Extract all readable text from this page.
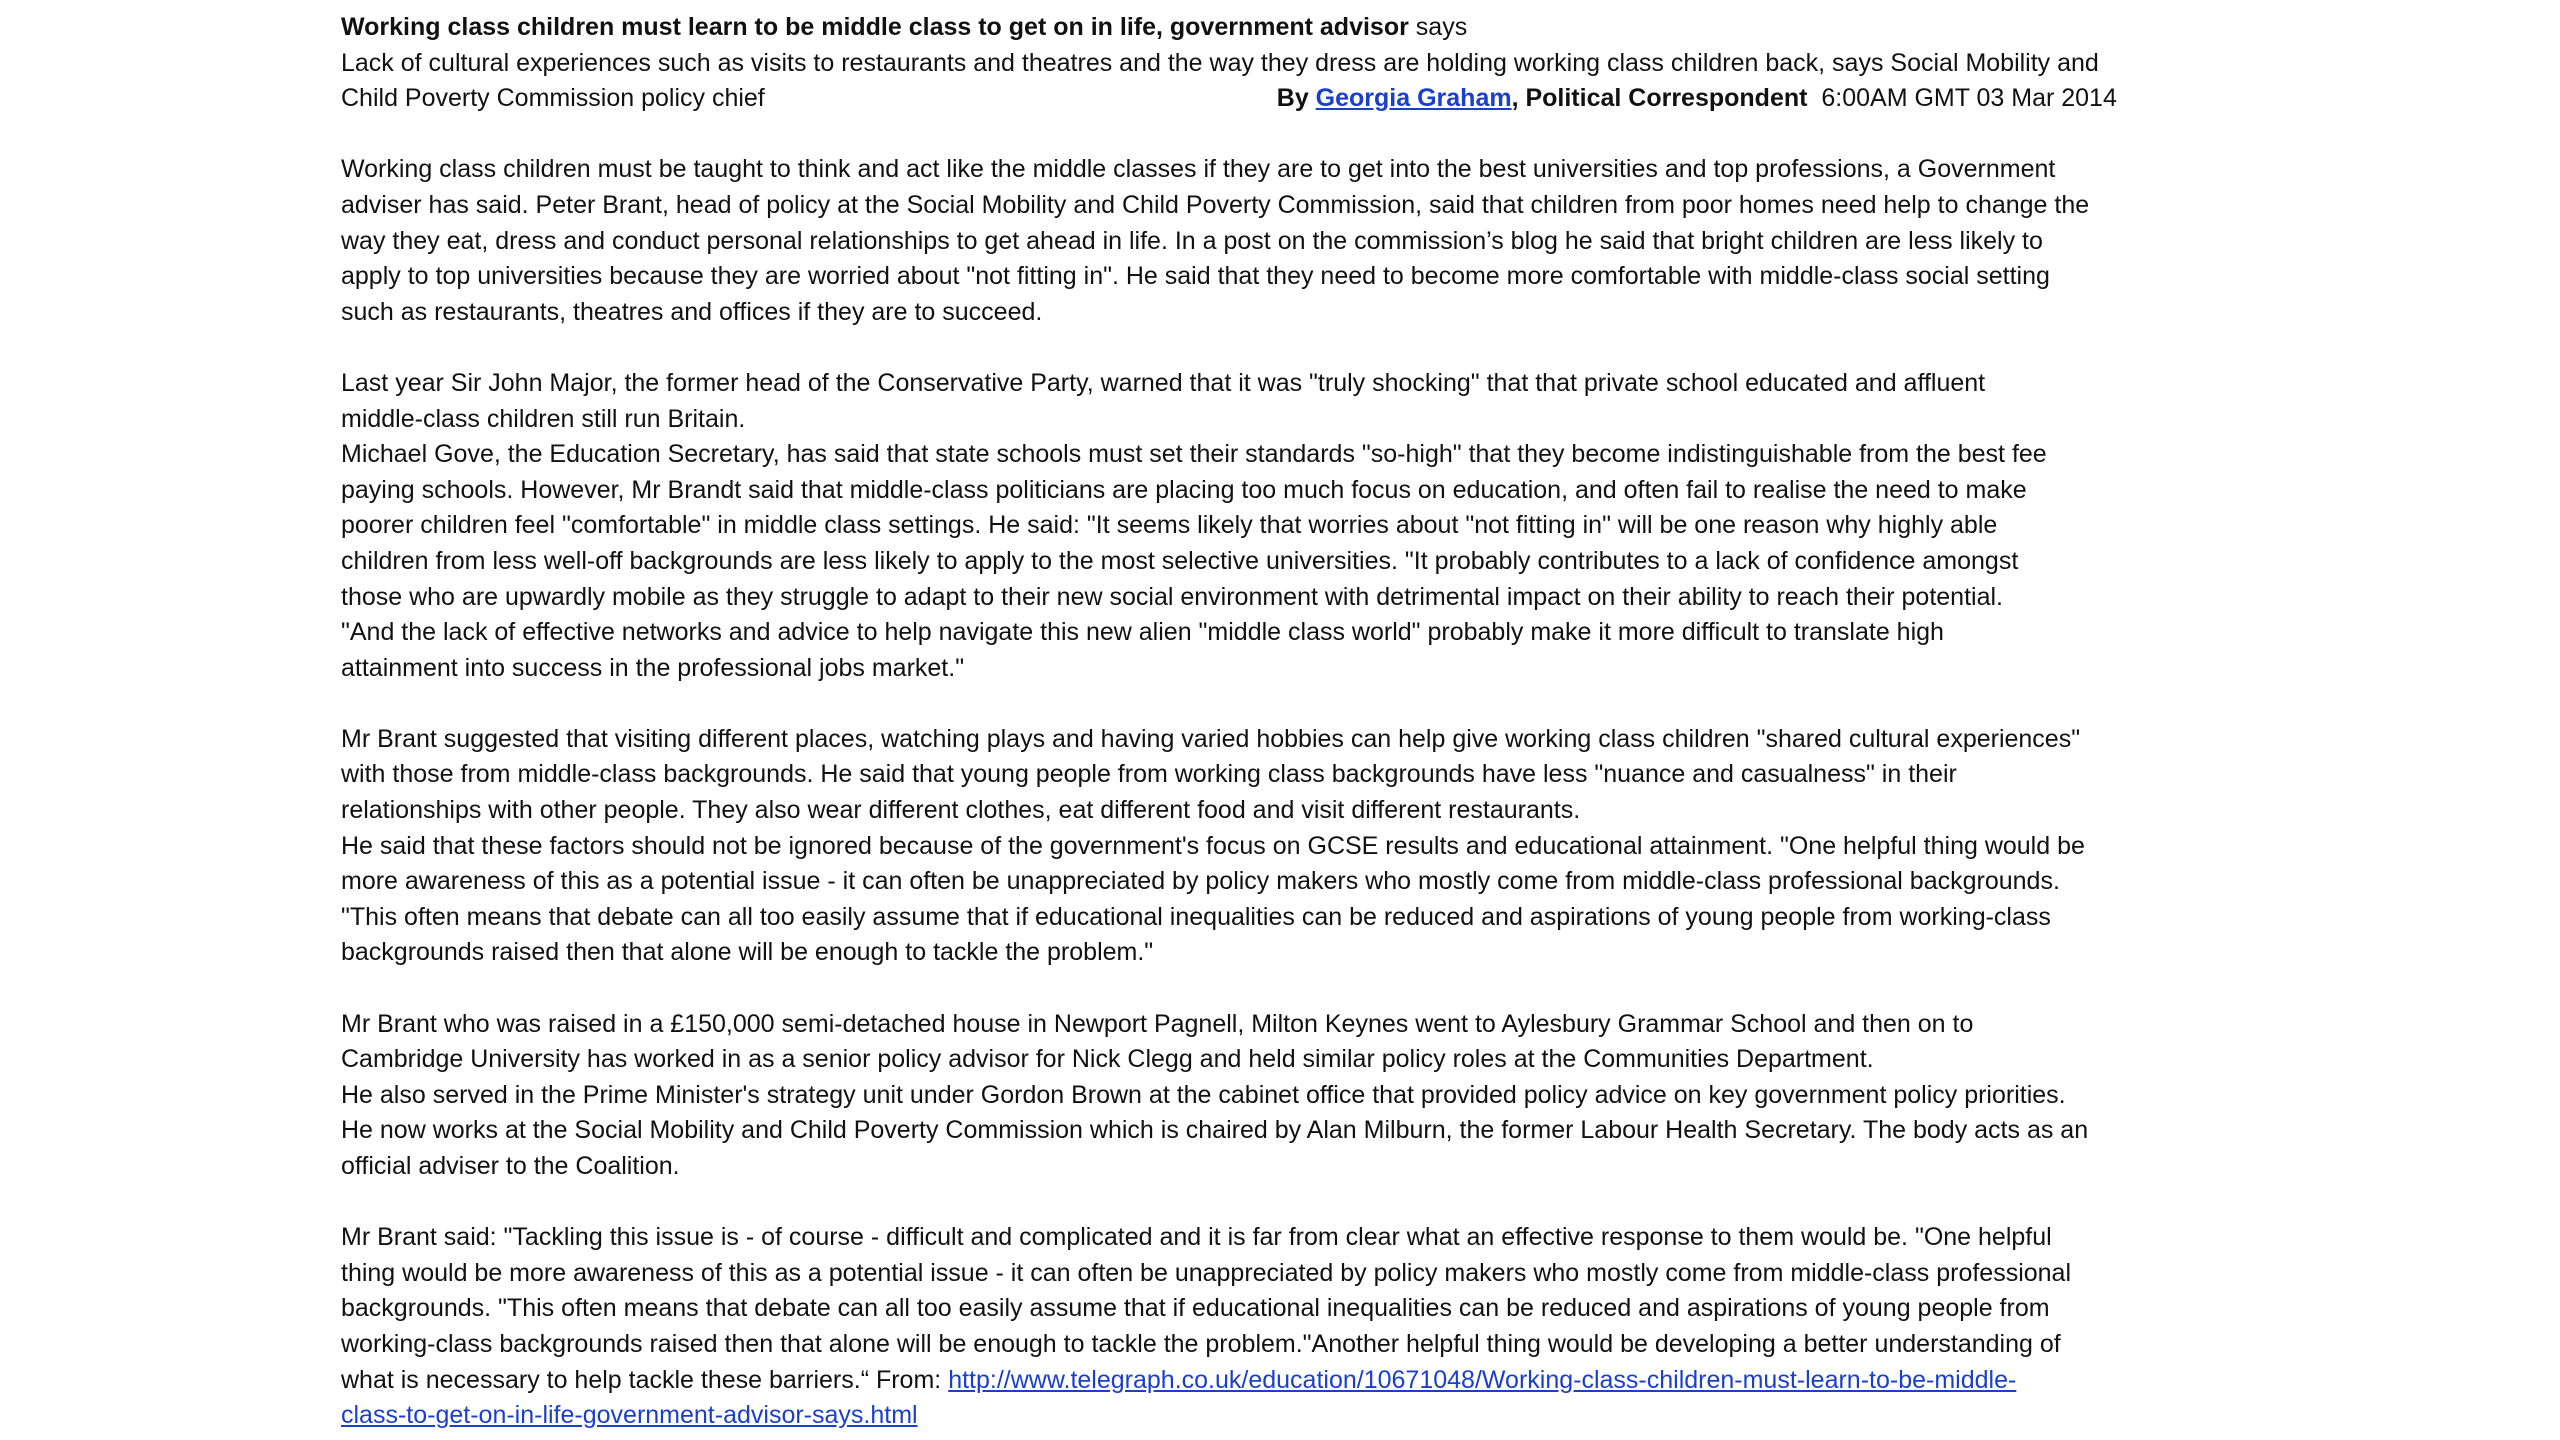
Working class children must learn to be middle class to get on in life, government advisor says
Lack of cultural experiences such as visits to restaurants and theatres and the way they dress are holding working class children back, says Social Mobility and
Child Poverty Commission policy chief	By Georgia Graham, Political Correspondent 6:00AM GMT 03 Mar 2014
Working class children must be taught to think and act like the middle classes if they are to get into the best universities and top professions, a Government
adviser has said. Peter Brant, head of policy at the Social Mobility and Child Poverty Commission, said that children from poor homes need help to change the
way they eat, dress and conduct personal relationships to get ahead in life. In a post on the commission’s blog he said that bright children are less likely to
apply to top universities because they are worried about "not fitting in". He said that they need to become more comfortable with middle-class social setting
such as restaurants, theatres and offices if they are to succeed.
Last year Sir John Major, the former head of the Conservative Party, warned that it was "truly shocking" that that private school educated and affluent
middle-class children still run Britain.
Michael Gove, the Education Secretary, has said that state schools must set their standards "so-high" that they become indistinguishable from the best fee
paying schools. However, Mr Brandt said that middle-class politicians are placing too much focus on education, and often fail to realise the need to make
poorer children feel "comfortable" in middle class settings. He said: "It seems likely that worries about "not fitting in" will be one reason why highly able
children from less well-off backgrounds are less likely to apply to the most selective universities. "It probably contributes to a lack of confidence amongst
those who are upwardly mobile as they struggle to adapt to their new social environment with detrimental impact on their ability to reach their potential.
"And the lack of effective networks and advice to help navigate this new alien "middle class world" probably make it more difficult to translate high
attainment into success in the professional jobs market."
Mr Brant suggested that visiting different places, watching plays and having varied hobbies can help give working class children "shared cultural experiences"
with those from middle-class backgrounds. He said that young people from working class backgrounds have less "nuance and casualness" in their
relationships with other people. They also wear different clothes, eat different food and visit different restaurants.
He said that these factors should not be ignored because of the government's focus on GCSE results and educational attainment. "One helpful thing would be
more awareness of this as a potential issue - it can often be unappreciated by policy makers who mostly come from middle-class professional backgrounds.
"This often means that debate can all too easily assume that if educational inequalities can be reduced and aspirations of young people from working-class
backgrounds raised then that alone will be enough to tackle the problem."
Mr Brant who was raised in a £150,000 semi-detached house in Newport Pagnell, Milton Keynes went to Aylesbury Grammar School and then on to
Cambridge University has worked in as a senior policy advisor for Nick Clegg and held similar policy roles at the Communities Department.
He also served in the Prime Minister's strategy unit under Gordon Brown at the cabinet office that provided policy advice on key government policy priorities.
He now works at the Social Mobility and Child Poverty Commission which is chaired by Alan Milburn, the former Labour Health Secretary. The body acts as an
official adviser to the Coalition.
Mr Brant said: "Tackling this issue is - of course - difficult and complicated and it is far from clear what an effective response to them would be. "One helpful
thing would be more awareness of this as a potential issue - it can often be unappreciated by policy makers who mostly come from middle-class professional
backgrounds. "This often means that debate can all too easily assume that if educational inequalities can be reduced and aspirations of young people from
working-class backgrounds raised then that alone will be enough to tackle the problem."Another helpful thing would be developing a better understanding of
what is necessary to help tackle these barriers.“ From: http://www.telegraph.co.uk/education/10671048/Working-class-children-must-learn-to-be-middle-
class-to-get-on-in-life-government-advisor-says.html
